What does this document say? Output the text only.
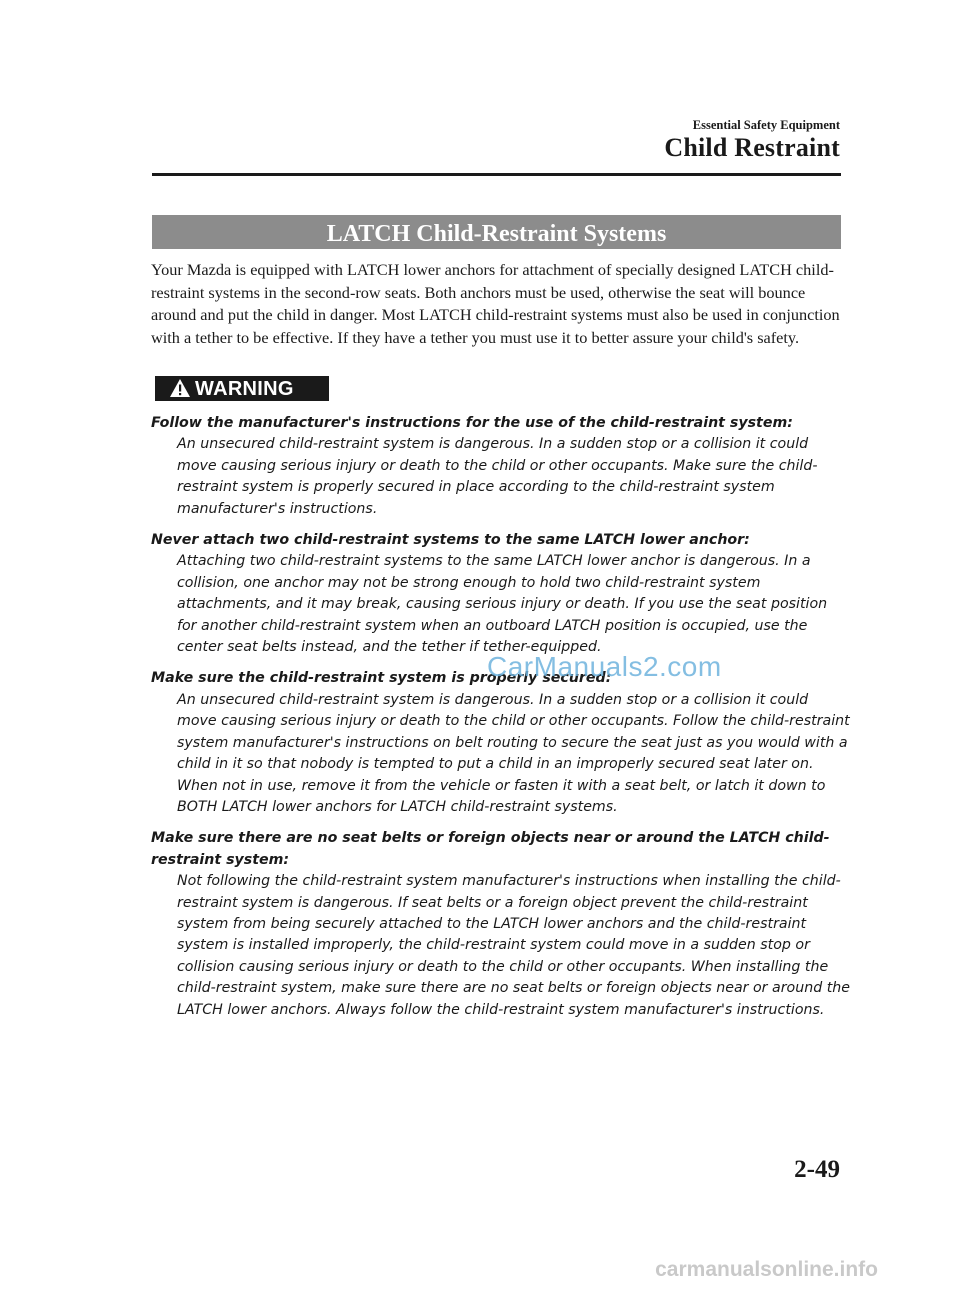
Essential Safety Equipment
Child Restraint
LATCH Child-Restraint Systems

Your Mazda is equipped with LATCH lower anchors for attachment of specially designed LATCH child-restraint systems in the second-row seats. Both anchors must be used, otherwise the seat will bounce around and put the child in danger. Most LATCH child-restraint systems must also be used in conjunction with a tether to be effective. If they have a tether you must use it to better assure your child's safety.

WARNING
Follow the manufacturer's instructions for the use of the child-restraint system:
An unsecured child-restraint system is dangerous. In a sudden stop or a collision it could move causing serious injury or death to the child or other occupants. Make sure the child-restraint system is properly secured in place according to the child-restraint system manufacturer's instructions.
Never attach two child-restraint systems to the same LATCH lower anchor:
Attaching two child-restraint systems to the same LATCH lower anchor is dangerous. In a collision, one anchor may not be strong enough to hold two child-restraint system attachments, and it may break, causing serious injury or death. If you use the seat position for another child-restraint system when an outboard LATCH position is occupied, use the center seat belts instead, and the tether if tether-equipped.
Make sure the child-restraint system is properly secured:
An unsecured child-restraint system is dangerous. In a sudden stop or a collision it could move causing serious injury or death to the child or other occupants. Follow the child-restraint system manufacturer's instructions on belt routing to secure the seat just as you would with a child in it so that nobody is tempted to put a child in an improperly secured seat later on. When not in use, remove it from the vehicle or fasten it with a seat belt, or latch it down to BOTH LATCH lower anchors for LATCH child-restraint systems.
Make sure there are no seat belts or foreign objects near or around the LATCH child-restraint system:
Not following the child-restraint system manufacturer's instructions when installing the child-restraint system is dangerous. If seat belts or a foreign object prevent the child-restraint system from being securely attached to the LATCH lower anchors and the child-restraint system is installed improperly, the child-restraint system could move in a sudden stop or collision causing serious injury or death to the child or other occupants. When installing the child-restraint system, make sure there are no seat belts or foreign objects near or around the LATCH lower anchors. Always follow the child-restraint system manufacturer's instructions.
CarManuals2.com
2-49
carmanualsonline.info
